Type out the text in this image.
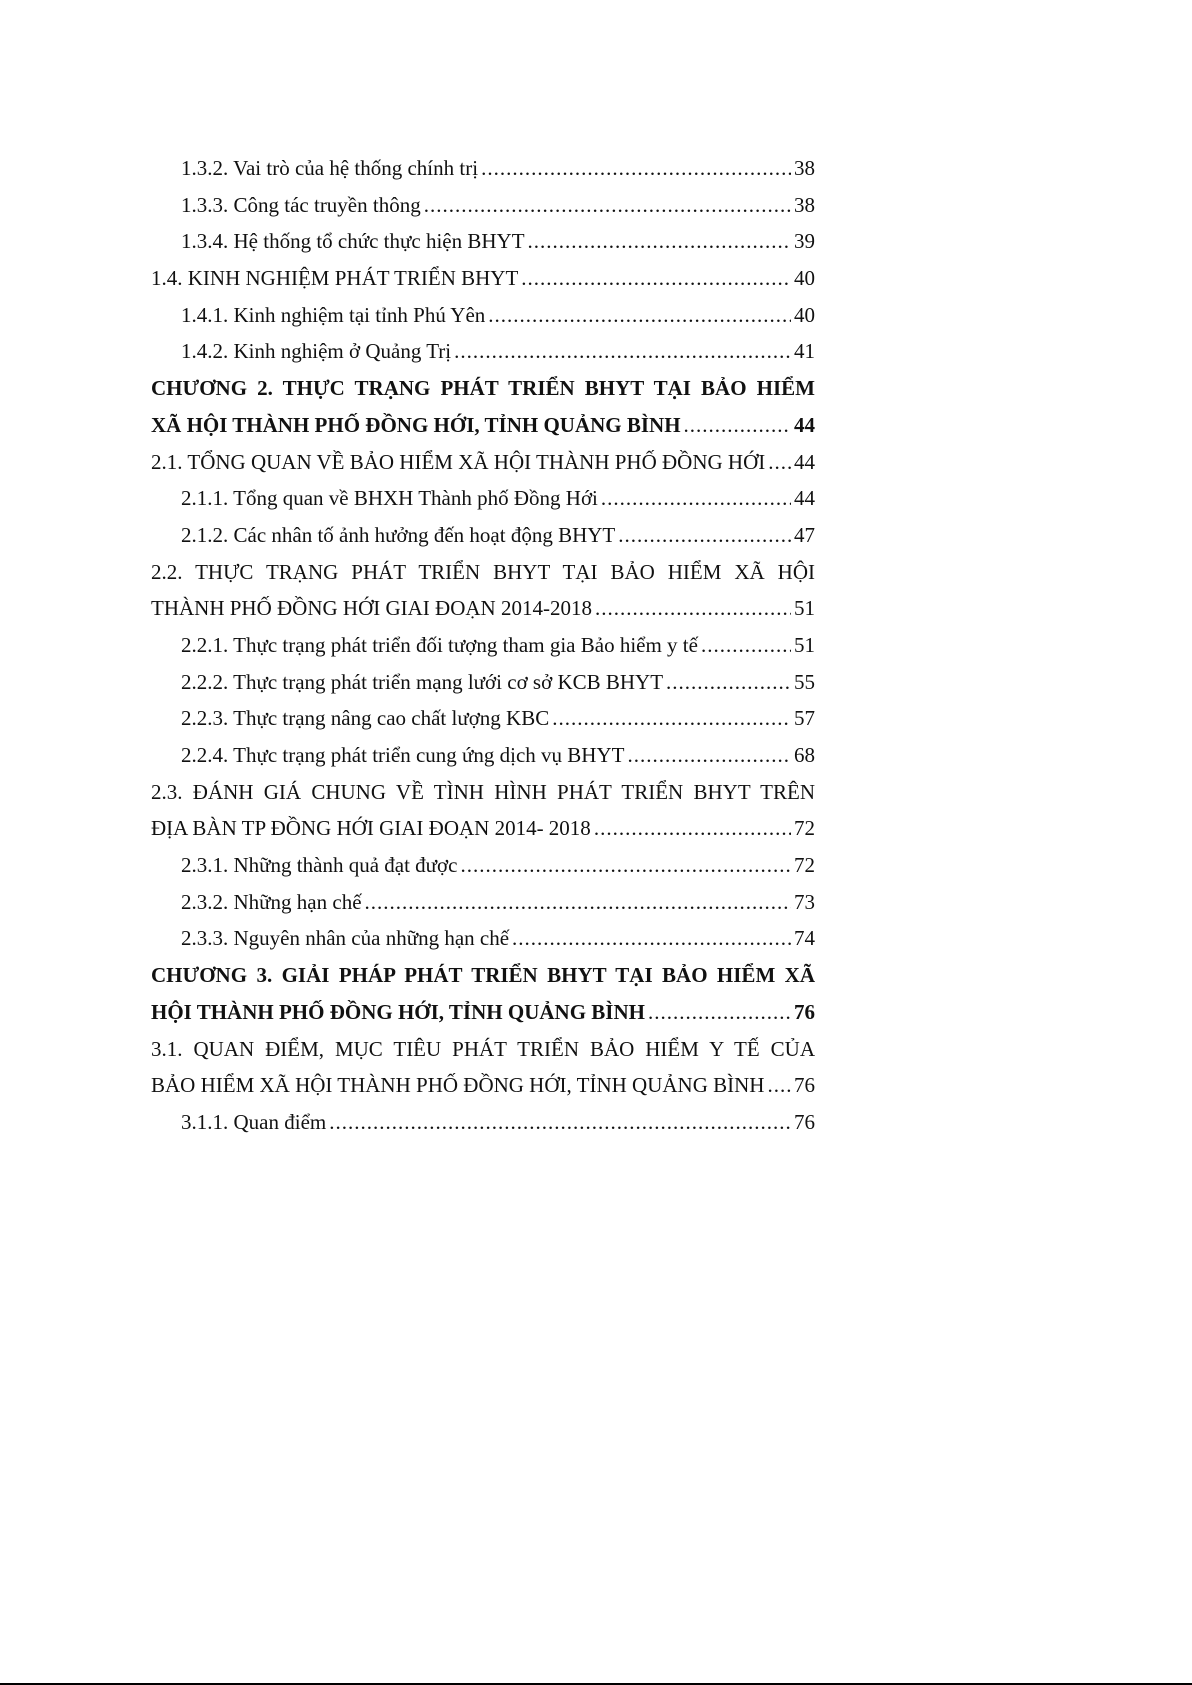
1.3.2. Vai trò của hệ thống chính trị .....	38
1.3.3. Công tác truyền thông .....	38
1.3.4. Hệ thống tổ chức thực hiện BHYT .....	39
1.4. KINH NGHIỆM PHÁT TRIỂN BHYT .....	40
1.4.1. Kinh nghiệm tại tỉnh Phú Yên .....	40
1.4.2. Kinh nghiệm ở Quảng Trị .....	41
CHƯƠNG 2. THỰC TRẠNG PHÁT TRIỂN BHYT TẠI BẢO HIỂM
XÃ HỘI THÀNH PHỐ ĐỒNG HỚI, TỈNH QUẢNG BÌNH .....	44
2.1. TỔNG QUAN VỀ BẢO HIỂM XÃ HỘI THÀNH PHỐ ĐỒNG HỚI ..... 44
2.1.1. Tổng quan về BHXH Thành phố Đồng Hới .....	44
2.1.2. Các nhân tố ảnh hưởng đến hoạt động BHYT .....	47
2.2. THỰC TRẠNG PHÁT TRIỂN BHYT TẠI BẢO HIỂM XÃ HỘI
THÀNH PHỐ ĐỒNG HỚI GIAI ĐOẠN 2014-2018 .....	51
2.2.1. Thực trạng phát triển đối tượng tham gia Bảo hiểm y tế .....	51
2.2.2. Thực trạng phát triển mạng lưới cơ sở KCB BHYT .....	55
2.2.3. Thực trạng nâng cao chất lượng KBC .....	57
2.2.4. Thực trạng phát triển cung ứng dịch vụ BHYT .....	68
2.3. ĐÁNH GIÁ CHUNG VỀ TÌNH HÌNH PHÁT TRIỂN BHYT TRÊN
ĐỊA BÀN TP ĐỒNG HỚI GIAI ĐOẠN 2014- 2018 .....	72
2.3.1. Những thành quả đạt được .....	72
2.3.2. Những hạn chế .....	73
2.3.3. Nguyên nhân của những hạn chế .....	74
CHƯƠNG 3. GIẢI PHÁP PHÁT TRIỂN BHYT TẠI BẢO HIỂM XÃ
HỘI THÀNH PHỐ ĐỒNG HỚI, TỈNH QUẢNG BÌNH .....	76
3.1. QUAN ĐIỂM, MỤC TIÊU PHÁT TRIỂN BẢO HIỂM Y TẾ CỦA
BẢO HIỂM XÃ HỘI THÀNH PHỐ ĐỒNG HỚI, TỈNH QUẢNG BÌNH ..... 76
3.1.1. Quan điểm .....	76
